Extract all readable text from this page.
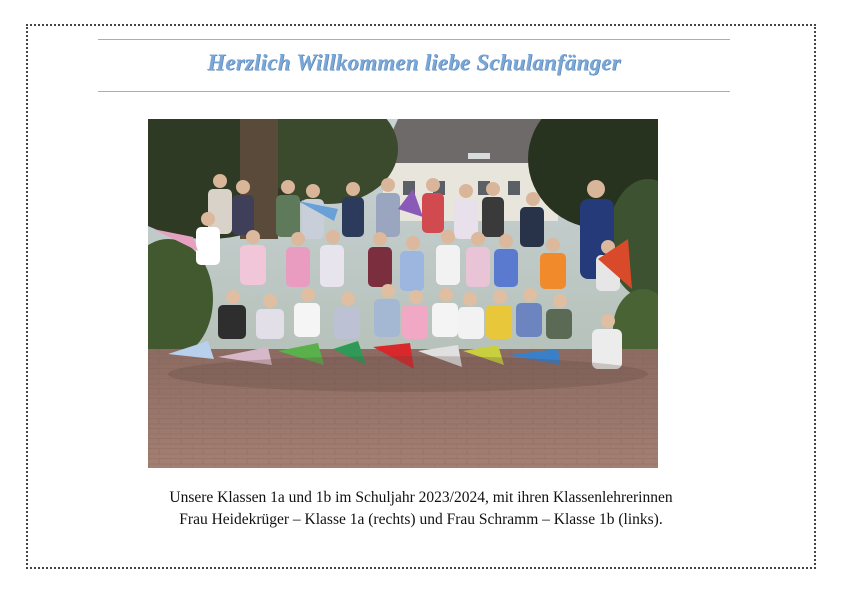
Herzlich Willkommen liebe Schulanfänger
Unsere Klassen 1a und 1b im Schuljahr 2023/2024, mit ihren Klassenlehrerinnen
Frau Heidekrüger – Klasse 1a (rechts) und Frau Schramm – Klasse 1b (links).
